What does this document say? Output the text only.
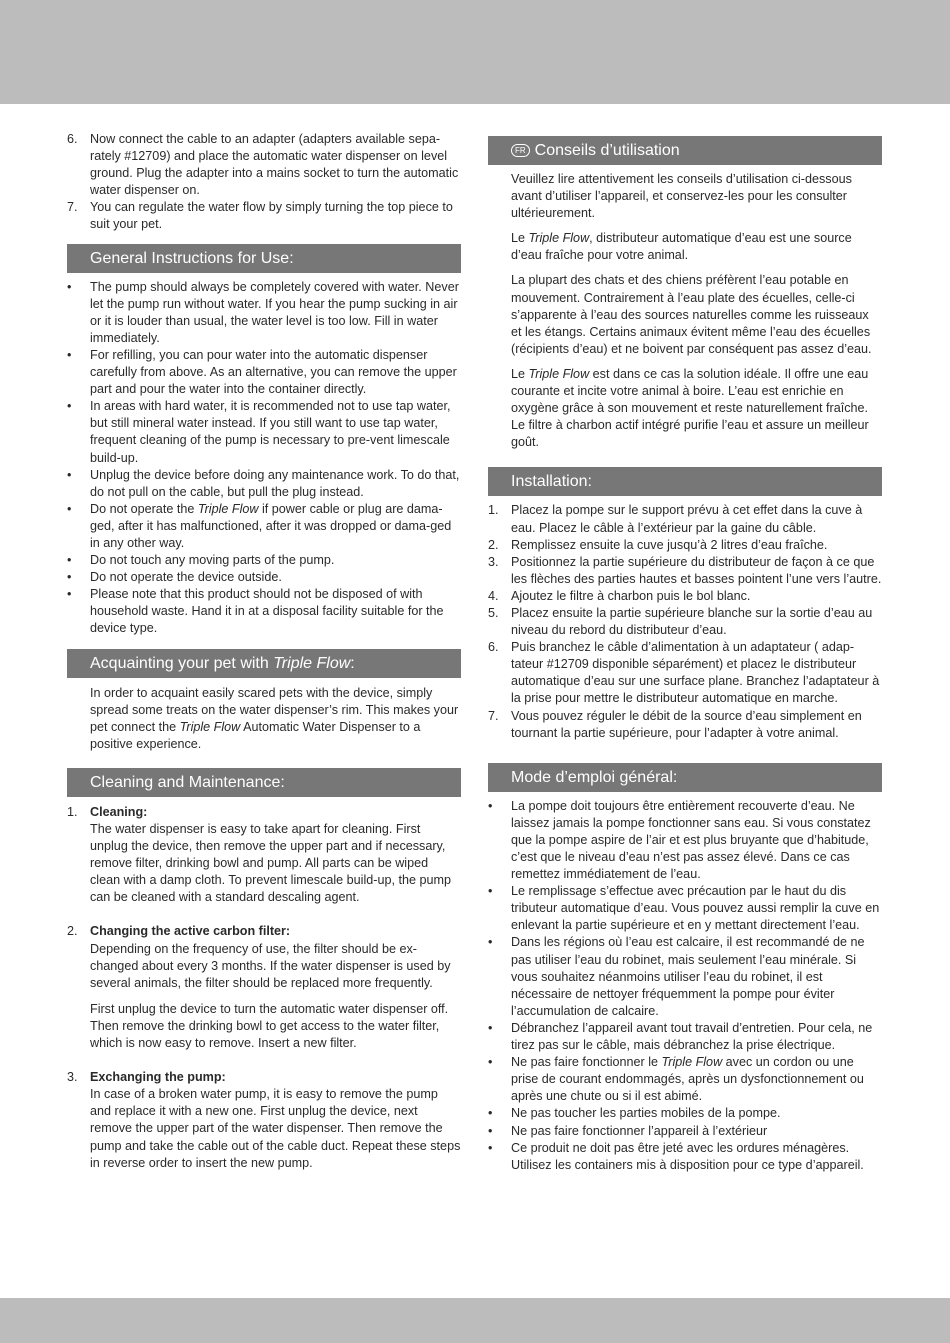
6. Now connect the cable to an adapter (adapters available sepa-rately #12709) and place the automatic water dispenser on level ground. Plug the adapter into a mains socket to turn the automatic water dispenser on.
7. You can regulate the water flow by simply turning the top piece to suit your pet.
General Instructions for Use:
• The pump should always be completely covered with water. Never let the pump run without water. If you hear the pump sucking in air or it is louder than usual, the water level is too low. Fill in water immediately.
• For refilling, you can pour water into the automatic dispenser carefully from above. As an alternative, you can remove the upper part and pour the water into the container directly.
• In areas with hard water, it is recommended not to use tap water, but still mineral water instead. If you still want to use tap water, frequent cleaning of the pump is necessary to pre-vent limescale build-up.
• Unplug the device before doing any maintenance work. To do that, do not pull on the cable, but pull the plug instead.
• Do not operate the Triple Flow if power cable or plug are dama-ged, after it has malfunctioned, after it was dropped or dama-ged in any other way.
• Do not touch any moving parts of the pump.
• Do not operate the device outside.
• Please note that this product should not be disposed of with household waste. Hand it in at a disposal facility suitable for the device type.
Acquainting your pet with Triple Flow:

In order to acquaint easily scared pets with the device, simply spread some treats on the water dispenser’s rim. This makes your pet connect the Triple Flow Automatic Water Dispenser to a positive experience.

Cleaning and Maintenance:
1. Cleaning:
The water dispenser is easy to take apart for cleaning. First unplug the device, then remove the upper part and if necessary, remove filter, drinking bowl and pump. All parts can be wiped clean with a damp cloth. To prevent limescale build-up, the pump can be cleaned with a standard descaling agent.
2. Changing the active carbon filter:
Depending on the frequency of use, the filter should be ex-changed about every 3 months. If the water dispenser is used by several animals, the filter should be replaced more frequently.
First unplug the device to turn the automatic water dispenser off. Then remove the drinking bowl to get access to the water filter, which is now easy to remove. Insert a new filter.
3. Exchanging the pump:
In case of a broken water pump, it is easy to remove the pump and replace it with a new one. First unplug the device, next remove the upper part of the water dispenser. Then remove the pump and take the cable out of the cable duct. Repeat these steps in reverse order to insert the new pump.
FR Conseils d’utilisation

Veuillez lire attentivement les conseils d’utilisation ci-dessous avant d’utiliser l’appareil, et conservez-les pour les consulter ultérieurement.

Le Triple Flow, distributeur automatique d’eau est une source d’eau fraîche pour votre animal.

La plupart des chats et des chiens préfèrent l’eau potable en mouvement. Contrairement à l’eau plate des écuelles, celle-ci s’apparente à l’eau des sources naturelles comme les ruisseaux et les étangs. Certains animaux évitent même l’eau des écuelles (récipients d’eau) et ne boivent par conséquent pas assez d’eau.

Le Triple Flow est dans ce cas la solution idéale. Il offre une eau courante et incite votre animal à boire. L’eau est enrichie en oxygène grâce à son mouvement et reste naturellement fraîche. Le filtre à charbon actif intégré purifie l’eau et assure un meilleur goût.

Installation:
1. Placez la pompe sur le support prévu à cet effet dans la cuve à eau. Placez le câble à l’extérieur par la gaine du câble.
2. Remplissez ensuite la cuve jusqu’à 2 litres d’eau fraîche.
3. Positionnez la partie supérieure du distributeur de façon à ce que les flèches des parties hautes et basses pointent l’une vers l’autre.
4. Ajoutez le filtre à charbon puis le bol blanc.
5. Placez ensuite la partie supérieure blanche sur la sortie d’eau au niveau du rebord du distributeur d’eau.
6. Puis branchez le câble d’alimentation à un adaptateur ( adap-tateur #12709 disponible séparément) et placez le distributeur automatique d’eau sur une surface plane. Branchez l’adaptateur à la prise pour mettre le distributeur automatique en marche.
7. Vous pouvez réguler le débit de la source d’eau simplement en tournant la partie supérieure, pour l’adapter à votre animal.
Mode d’emploi général:
• La pompe doit toujours être entièrement recouverte d’eau. Ne laissez jamais la pompe fonctionner sans eau. Si vous constatez que la pompe aspire de l’air et est plus bruyante que d’habitude, c’est que le niveau d’eau n’est pas assez élevé. Dans ce cas remettez immédiatement de l’eau.
• Le remplissage s’effectue avec précaution par le haut du dis tributeur automatique d’eau. Vous pouvez aussi remplir la cuve en enlevant la partie supérieure et en y mettant directement l’eau.
• Dans les régions où l’eau est calcaire, il est recommandé de ne pas utiliser l’eau du robinet, mais seulement l’eau minérale. Si vous souhaitez néanmoins utiliser l’eau du robinet, il est nécessaire de nettoyer fréquemment la pompe pour éviter l’accumulation de calcaire.
• Débranchez l’appareil avant tout travail d’entretien. Pour cela, ne tirez pas sur le câble, mais débranchez la prise électrique.
• Ne pas faire fonctionner le Triple Flow avec un cordon ou une prise de courant endommagés, après un dysfonctionnement ou après une chute ou si il est abimé.
• Ne pas toucher les parties mobiles de la pompe.
• Ne pas faire fonctionner l’appareil à l’extérieur
• Ce produit ne doit pas être jeté avec les ordures ménagères. Utilisez les containers mis à disposition pour ce type d’appareil.
